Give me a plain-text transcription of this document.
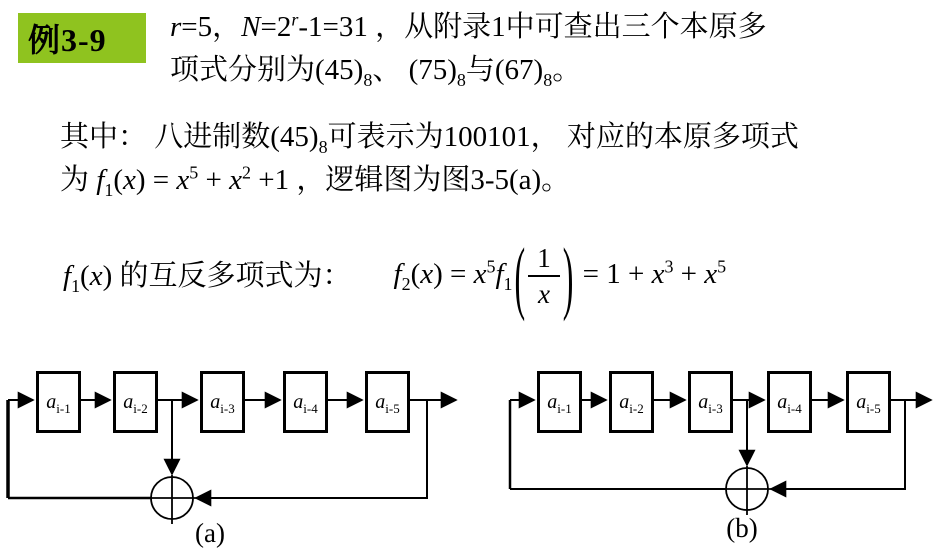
例3-9 r=5，$N=2^r-1=31$ ，从附录1中可查出三个本原多
项式分别为$(45)_8$、 $(75)_8$与$(67)_8$。
其中： 八进制数$(45)_8$可表示为100101， 对应的本原多项式
为 $f_1(x) = x^5 + x^2 +1$ ，逻辑图为图3-5(a)。
$f_1(x)$ 的互反多项式为： $f_2(x) = x^5f_1( \frac{1}{x}$ ) = $1 + x^3 + x^5$
$a_{i-1}$	$a_{i-2}$	$a_{i-3}$	$a_{i-4}$	$a_{i-5}$
(a)
$a_{i-1}$ $a_{i-2}$	$a_{i-3}$	$a_{i-4}$	$a_{i-5}$
(b)
